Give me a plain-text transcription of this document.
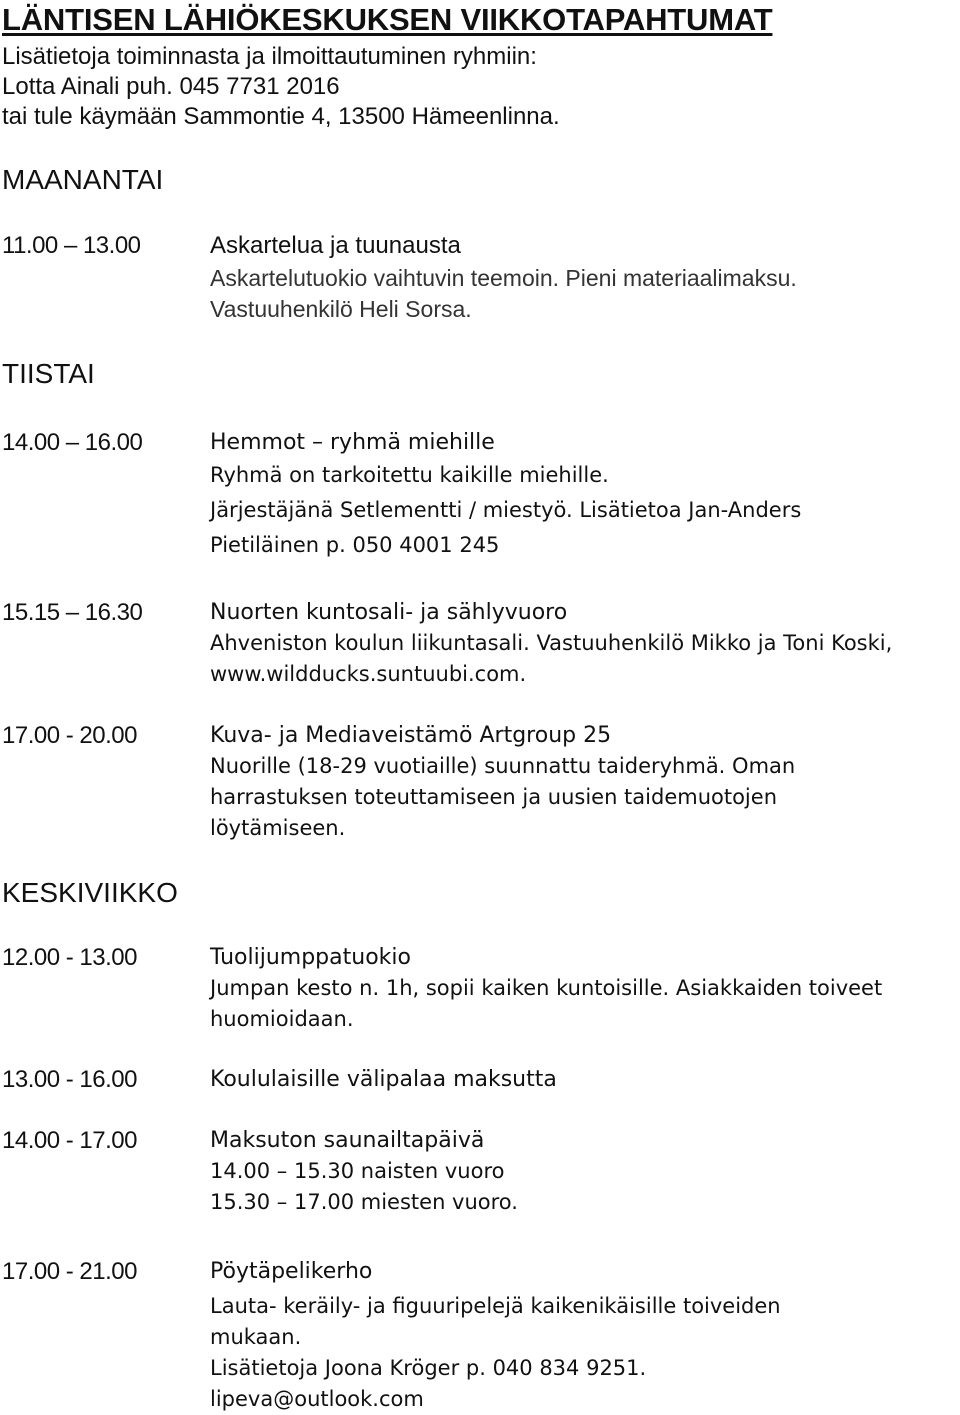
LÄNTISEN LÄHIÖKESKUKSEN VIIKKOTAPAHTUMAT
Lisätietoja toiminnasta ja ilmoittautuminen ryhmiin:
Lotta Ainali puh. 045 7731 2016
tai tule käymään Sammontie 4, 13500 Hämeenlinna.
MAANANTAI
11.00 – 13.00	Askartelua ja tuunausta
Askartelutuokio vaihtuvin teemoin. Pieni materiaalimaksu.
Vastuuhenkilö Heli Sorsa.
TIISTAI
14.00 – 16.00	Hemmot – ryhmä miehille
Ryhmä on tarkoitettu kaikille miehille.
Järjestäjänä Setlementti / miestyö. Lisätietoa Jan-Anders
Pietiläinen p. 050 4001 245
15.15 – 16.30	Nuorten kuntosali- ja sählyvuoro
Ahveniston koulun liikuntasali. Vastuuhenkilö Mikko ja Toni Koski,
www.wildducks.suntuubi.com.
17.00 - 20.00	Kuva- ja Mediaveistämö Artgroup 25
Nuorille (18-29 vuotiaille) suunnattu taideryhmä. Oman
harrastuksen toteuttamiseen ja uusien taidemuotojen
löytämiseen.
KESKIVIIKKO
12.00 - 13.00	Tuolijumppatuokio
Jumpan kesto n. 1h, sopii kaiken kuntoisille. Asiakkaiden toiveet
huomioidaan.
13.00 - 16.00	Koululaisille välipalaa maksutta
14.00 - 17.00	Maksuton saunailtapäivä
14.00 – 15.30 naisten vuoro
15.30 – 17.00 miesten vuoro.
17.00 - 21.00	Pöytäpelikerho
Lauta- keräily- ja figuuripelejä kaikenikäisille toiveiden
mukaan.
Lisätietoja Joona Kröger p. 040 834 9251.
lipeva@outlook.com
